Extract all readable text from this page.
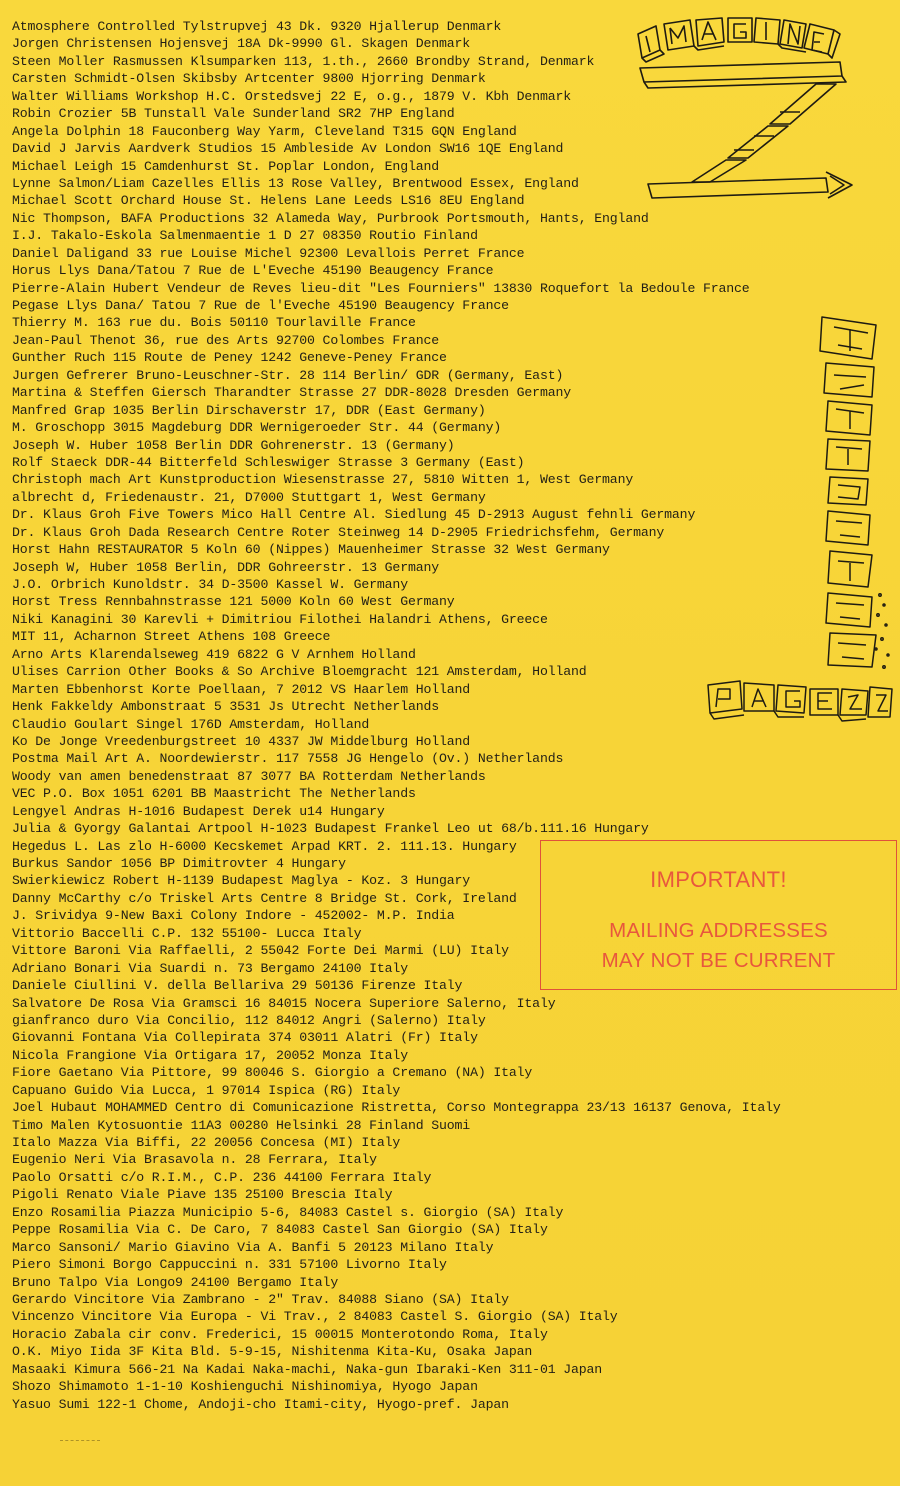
Atmosphere Controlled Tylstrupvej 43 Dk. 9320 Hjallerup Denmark
Jorgen Christensen Hojensvej 18A Dk-9990 Gl. Skagen Denmark
Steen Moller Rasmussen Klsumparken 113, 1.th., 2660 Brondby Strand, Denmark
Carsten Schmidt-Olsen Skibsby Artcenter 9800 Hjorring Denmark
Walter Williams Workshop H.C. Orstedsvej 22 E, o.g., 1879 V. Kbh Denmark
Robin Crozier 5B Tunstall Vale Sunderland SR2 7HP England
Angela Dolphin 18 Fauconberg Way Yarm, Cleveland T315 GQN England
David J Jarvis Aardverk Studios 15 Ambleside Av London SW16 1QE England
Michael Leigh 15 Camdenhurst St. Poplar London, England
Lynne Salmon/Liam Cazelles Ellis 13 Rose Valley, Brentwood Essex, England
Michael Scott Orchard House St. Helens Lane Leeds LS16 8EU England
Nic Thompson, BAFA Productions 32 Alameda Way, Purbrook Portsmouth, Hants, England
I.J. Takalo-Eskola Salmenmaentie 1 D 27 08350 Routio Finland
Daniel Daligand 33 rue Louise Michel 92300 Levallois Perret France
Horus Llys Dana/Tatou 7 Rue de L'Eveche 45190 Beaugency France
Pierre-Alain Hubert Vendeur de Reves lieu-dit "Les Fourniers" 13830 Roquefort la Bedoule France
Pegase Llys Dana/ Tatou 7 Rue de l'Eveche 45190 Beaugency France
Thierry M. 163 rue du. Bois 50110 Tourlaville France
Jean-Paul Thenot 36, rue des Arts 92700 Colombes France
Gunther Ruch 115 Route de Peney 1242 Geneve-Peney France
Jurgen Gefrerer Bruno-Leuschner-Str. 28 114 Berlin/ GDR (Germany, East)
Martina & Steffen Giersch Tharandter Strasse 27 DDR-8028 Dresden Germany
Manfred Grap 1035 Berlin Dirschaverstr 17, DDR (East Germany)
M. Groschopp 3015 Magdeburg DDR Wernigeroeder Str. 44 (Germany)
Joseph W. Huber 1058 Berlin DDR Gohrenerstr. 13 (Germany)
Rolf Staeck DDR-44 Bitterfeld Schleswiger Strasse 3 Germany (East)
Christoph mach Art Kunstproduction Wiesenstrasse 27, 5810 Witten 1, West Germany
albrecht d, Friedenaustr. 21, D7000 Stuttgart 1, West Germany
Dr. Klaus Groh Five Towers Mico Hall Centre Al. Siedlung 45 D-2913 August fehnli Germany
Dr. Klaus Groh Dada Research Centre Roter Steinweg 14 D-2905 Friedrichsfehm, Germany
Horst Hahn RESTAURATOR 5 Koln 60 (Nippes) Mauenheimer Strasse 32 West Germany
Joseph W, Huber 1058 Berlin, DDR Gohreerstr. 13 Germany
J.O. Orbrich Kunoldstr. 34 D-3500 Kassel W. Germany
Horst Tress Rennbahnstrasse 121 5000 Koln 60 West Germany
Niki Kanagini 30 Karevli + Dimitriou Filothei Halandri Athens, Greece
MIT 11, Acharnon Street Athens 108 Greece
Arno Arts Klarendalseweg 419 6822 G V Arnhem Holland
Ulises Carrion Other Books & So Archive Bloemgracht 121 Amsterdam, Holland
Marten Ebbenhorst Korte Poellaan, 7 2012 VS Haarlem Holland
Henk Fakkeldy Ambonstraat 5 3531 Js Utrecht Netherlands
Claudio Goulart Singel 176D Amsterdam, Holland
Ko De Jonge Vreedenburgstreet 10 4337 JW Middelburg Holland
Postma Mail Art A. Noordewierstr. 117 7558 JG Hengelo (Ov.) Netherlands
Woody van amen benedenstraat 87 3077 BA Rotterdam Netherlands
VEC P.O. Box 1051 6201 BB Maastricht The Netherlands
Lengyel Andras H-1016 Budapest Derek u14 Hungary
Julia & Gyorgy Galantai Artpool H-1023 Budapest Frankel Leo ut 68/b.111.16 Hungary
Hegedus L. Las zlo H-6000 Kecskemet Arpad KRT. 2. 111.13. Hungary
Burkus Sandor 1056 BP Dimitrovter 4 Hungary
Swierkiewicz Robert H-1139 Budapest Maglya - Koz. 3 Hungary
Danny McCarthy c/o Triskel Arts Centre 8 Bridge St. Cork, Ireland
J. Srividya 9-New Baxi Colony Indore - 452002- M.P. India
Vittorio Baccelli C.P. 132 55100- Lucca Italy
Vittore Baroni Via Raffaelli, 2 55042 Forte Dei Marmi (LU) Italy
Adriano Bonari Via Suardi n. 73 Bergamo 24100 Italy
Daniele Ciullini V. della Bellariva 29 50136 Firenze Italy
Salvatore De Rosa Via Gramsci 16 84015 Nocera Superiore Salerno, Italy
gianfranco duro Via Concilio, 112 84012 Angri (Salerno) Italy
Giovanni Fontana Via Collepirata 374 03011 Alatri (Fr) Italy
Nicola Frangione Via Ortigara 17, 20052 Monza Italy
Fiore Gaetano Via Pittore, 99 80046 S. Giorgio a Cremano (NA) Italy
Capuano Guido Via Lucca, 1 97014 Ispica (RG) Italy
Joel Hubaut MOHAMMED Centro di Comunicazione Ristretta, Corso Montegrappa 23/13 16137 Genova, Italy
Timo Malen Kytosuontie 11A3 00280 Helsinki 28 Finland Suomi
Italo Mazza Via Biffi, 22 20056 Concesa (MI) Italy
Eugenio Neri Via Brasavola n. 28 Ferrara, Italy
Paolo Orsatti c/o R.I.M., C.P. 236 44100 Ferrara Italy
Pigoli Renato Viale Piave 135 25100 Brescia Italy
Enzo Rosamilia Piazza Municipio 5-6, 84083 Castel s. Giorgio (SA) Italy
Peppe Rosamilia Via C. De Caro, 7 84083 Castel San Giorgio (SA) Italy
Marco Sansoni/ Mario Giavino Via A. Banfi 5 20123 Milano Italy
Piero Simoni Borgo Cappuccini n. 331 57100 Livorno Italy
Bruno Talpo Via Longo9 24100 Bergamo Italy
Gerardo Vincitore Via Zambrano - 2" Trav. 84088 Siano (SA) Italy
Vincenzo Vincitore Via Europa - Vi Trav., 2 84083 Castel S. Giorgio (SA) Italy
Horacio Zabala cir conv. Frederici, 15 00015 Monterotondo Roma, Italy
O.K. Miyo Iida 3F Kita Bld. 5-9-15, Nishitenma Kita-Ku, Osaka Japan
Masaaki Kimura 566-21 Na Kadai Naka-machi, Naka-gun Ibaraki-Ken 311-01 Japan
Shozo Shimamoto 1-1-10 Koshienguchi Nishinomiya, Hyogo Japan
Yasuo Sumi 122-1 Chome, Andoji-cho Itami-city, Hyogo-pref. Japan
IMPORTANT!
MAILING ADDRESSES
MAY NOT BE CURRENT
